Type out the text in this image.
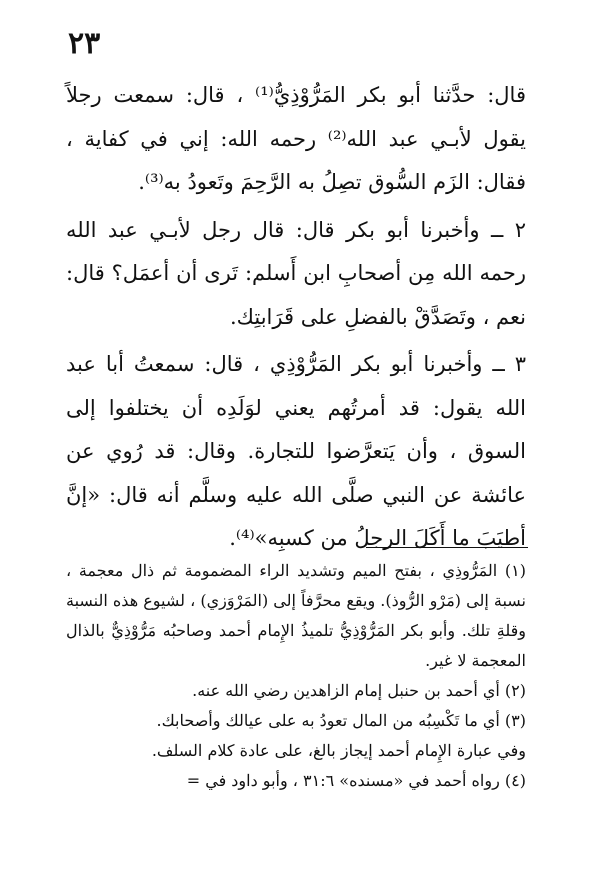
٢٣

قال: حدَّثنا أبو بكر المَرُّوْذِيُّ⁽¹⁾ ، قال: سمعت رجلاً يقول لأبـي عبد الله⁽²⁾ رحمه الله: إني في كفاية ، فقال: الزَم السُّوق تصِلُ به الرَّحِمَ وتَعودُ به⁽³⁾.

٢ ــ وأخبرنا أبو بكر قال: قال رجل لأبـي عبد الله رحمه الله مِن أصحابِ ابن أَسلم: تَرى أن أعمَل؟ قال: نعم ، وتَصَدَّقْ بالفضلِ على قَرَابتِك.

٣ ــ وأخبرنا أبو بكر المَرُّوْذِي ، قال: سمعتُ أبا عبد الله يقول: قد أمرتُهم يعني لوَلَدِه أن يختلفوا إلى السوق ، وأن يَتعرَّضوا للتجارة. وقال: قد رُوي عن عائشة عن النبي صلَّى الله عليه وسلَّم أنه قال: «إنَّ أطيَبَ ما أَكَلَ الرجلُ من كسبِه»⁽⁴⁾.

(١) المَرُّوذِي ، بفتح الميم وتشديد الراء المضمومة ثم ذال معجمة ، نسبة إلى (مَرْو الرُّوذ). ويقع محرَّفاً إلى (المَرْوَزي) ، لشيوع هذه النسبة وقلةِ تلك. وأبو بكر المَرُّوْذِيُّ تلميذُ الإِمام أحمد وصاحبُه مَرُّوْذِيٌّ بالذال المعجمة لا غير.

(٢) أي أحمد بن حنبل إمام الزاهدين رضي الله عنه.

(٣) أي ما تَكْسِبُه من المال تعودُ به على عيالك وأصحابك.

وفي عبارة الإِمام أحمد إيجاز بالغ، على عادة كلام السلف.

(٤) رواه أحمد في «مسنده» ٣١:٦ ، وأبو داود في =
